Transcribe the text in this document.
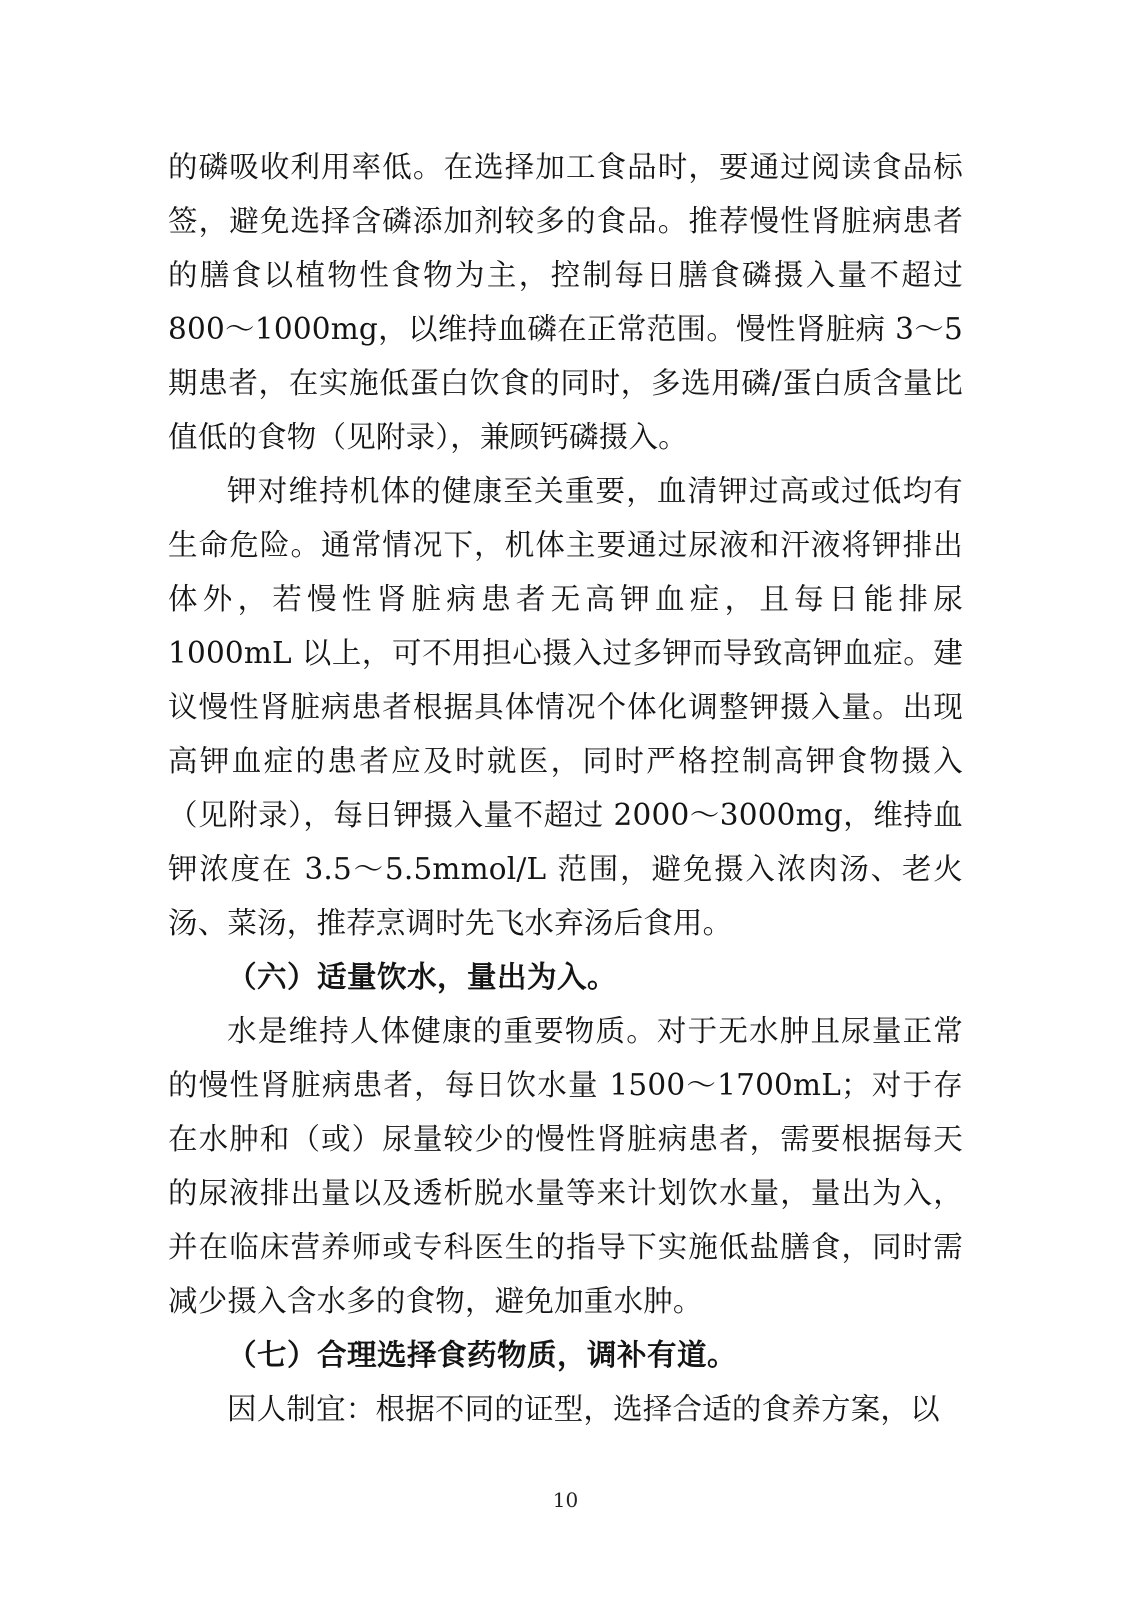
的磷吸收利用率低。在选择加工食品时，要通过阅读食品标签，避免选择含磷添加剂较多的食品。推荐慢性肾脏病患者的膳食以植物性食物为主，控制每日膳食磷摄入量不超过800～1000mg，以维持血磷在正常范围。慢性肾脏病 3～5 期患者，在实施低蛋白饮食的同时，多选用磷/蛋白质含量比值低的食物（见附录），兼顾钙磷摄入。

钾对维持机体的健康至关重要，血清钾过高或过低均有生命危险。通常情况下，机体主要通过尿液和汗液将钾排出体外，若慢性肾脏病患者无高钾血症，且每日能排尿 1000mL 以上，可不用担心摄入过多钾而导致高钾血症。建议慢性肾脏病患者根据具体情况个体化调整钾摄入量。出现高钾血症的患者应及时就医，同时严格控制高钾食物摄入（见附录），每日钾摄入量不超过 2000～3000mg，维持血钾浓度在 3.5～5.5mmol/L 范围，避免摄入浓肉汤、老火汤、菜汤，推荐烹调时先飞水弃汤后食用。

（六）适量饮水，量出为入。

水是维持人体健康的重要物质。对于无水肿且尿量正常的慢性肾脏病患者，每日饮水量 1500～1700mL；对于存在水肿和（或）尿量较少的慢性肾脏病患者，需要根据每天的尿液排出量以及透析脱水量等来计划饮水量，量出为入，并在临床营养师或专科医生的指导下实施低盐膳食，同时需减少摄入含水多的食物，避免加重水肿。

（七）合理选择食药物质，调补有道。

因人制宜：根据不同的证型，选择合适的食养方案，以

10
